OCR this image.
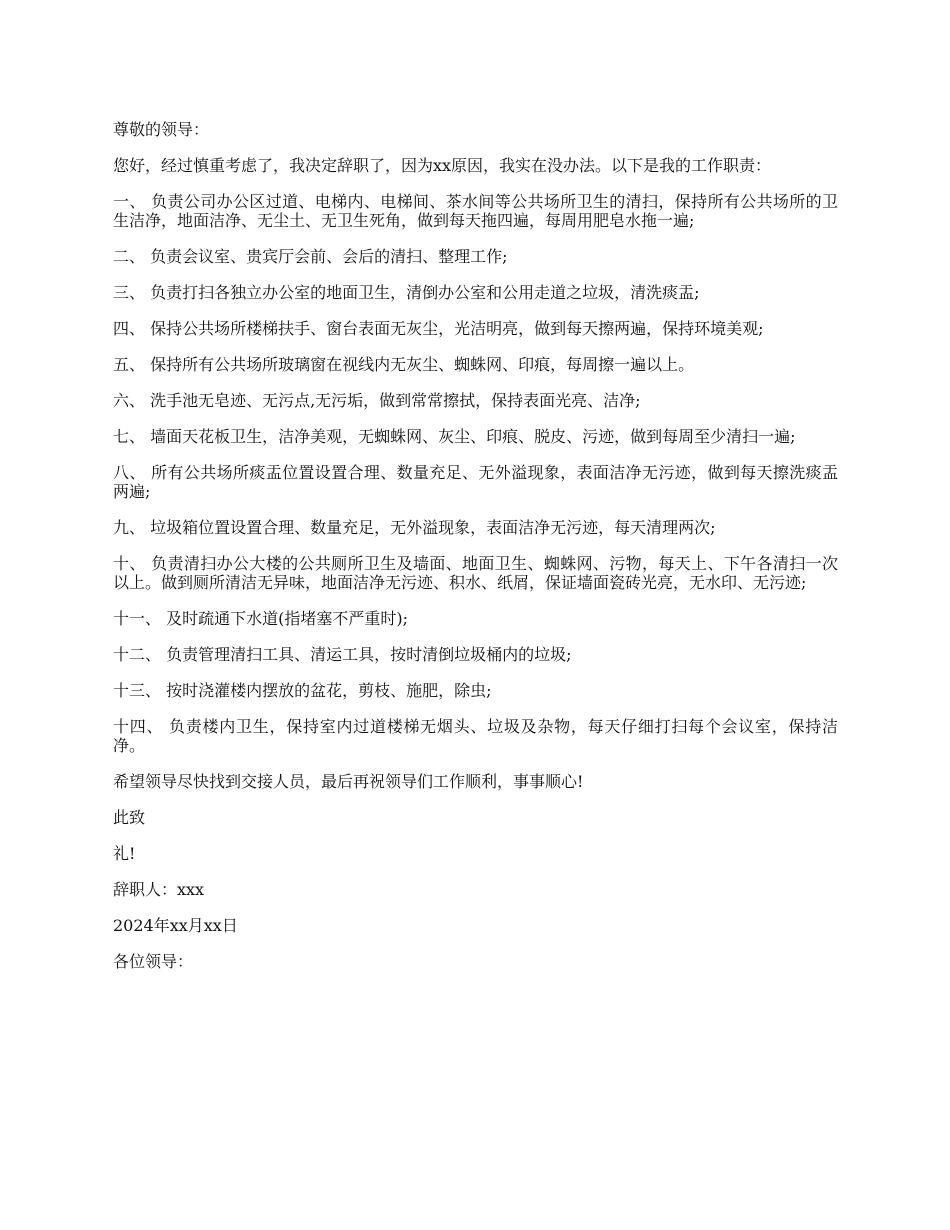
尊敬的领导：

您好，经过慎重考虑了，我决定辞职了，因为xx原因，我实在没办法。以下是我的工作职责：

一、 负责公司办公区过道、电梯内、电梯间、茶水间等公共场所卫生的清扫，保持所有公共场所的卫生洁净，地面洁净、无尘土、无卫生死角，做到每天拖四遍，每周用肥皂水拖一遍;

二、 负责会议室、贵宾厅会前、会后的清扫、整理工作;

三、 负责打扫各独立办公室的地面卫生，清倒办公室和公用走道之垃圾，清洗痰盂;

四、 保持公共场所楼梯扶手、窗台表面无灰尘，光洁明亮，做到每天擦两遍，保持环境美观;

五、 保持所有公共场所玻璃窗在视线内无灰尘、蜘蛛网、印痕，每周擦一遍以上。

六、 洗手池无皂迹、无污点,无污垢，做到常常擦拭，保持表面光亮、洁净;

七、 墙面天花板卫生，洁净美观，无蜘蛛网、灰尘、印痕、脱皮、污迹，做到每周至少清扫一遍;

八、 所有公共场所痰盂位置设置合理、数量充足、无外溢现象，表面洁净无污迹，做到每天擦洗痰盂两遍;

九、 垃圾箱位置设置合理、数量充足，无外溢现象，表面洁净无污迹，每天清理两次;

十、 负责清扫办公大楼的公共厕所卫生及墙面、地面卫生、蜘蛛网、污物，每天上、下午各清扫一次以上。做到厕所清洁无异味，地面洁净无污迹、积水、纸屑，保证墙面瓷砖光亮，无水印、无污迹;

十一、 及时疏通下水道(指堵塞不严重时);

十二、 负责管理清扫工具、清运工具，按时清倒垃圾桶内的垃圾;

十三、 按时浇灌楼内摆放的盆花，剪枝、施肥，除虫;

十四、 负责楼内卫生，保持室内过道楼梯无烟头、垃圾及杂物，每天仔细打扫每个会议室，保持洁净。

希望领导尽快找到交接人员，最后再祝领导们工作顺利，事事顺心!

此致

礼!

辞职人：xxx

2024年xx月xx日

各位领导：
